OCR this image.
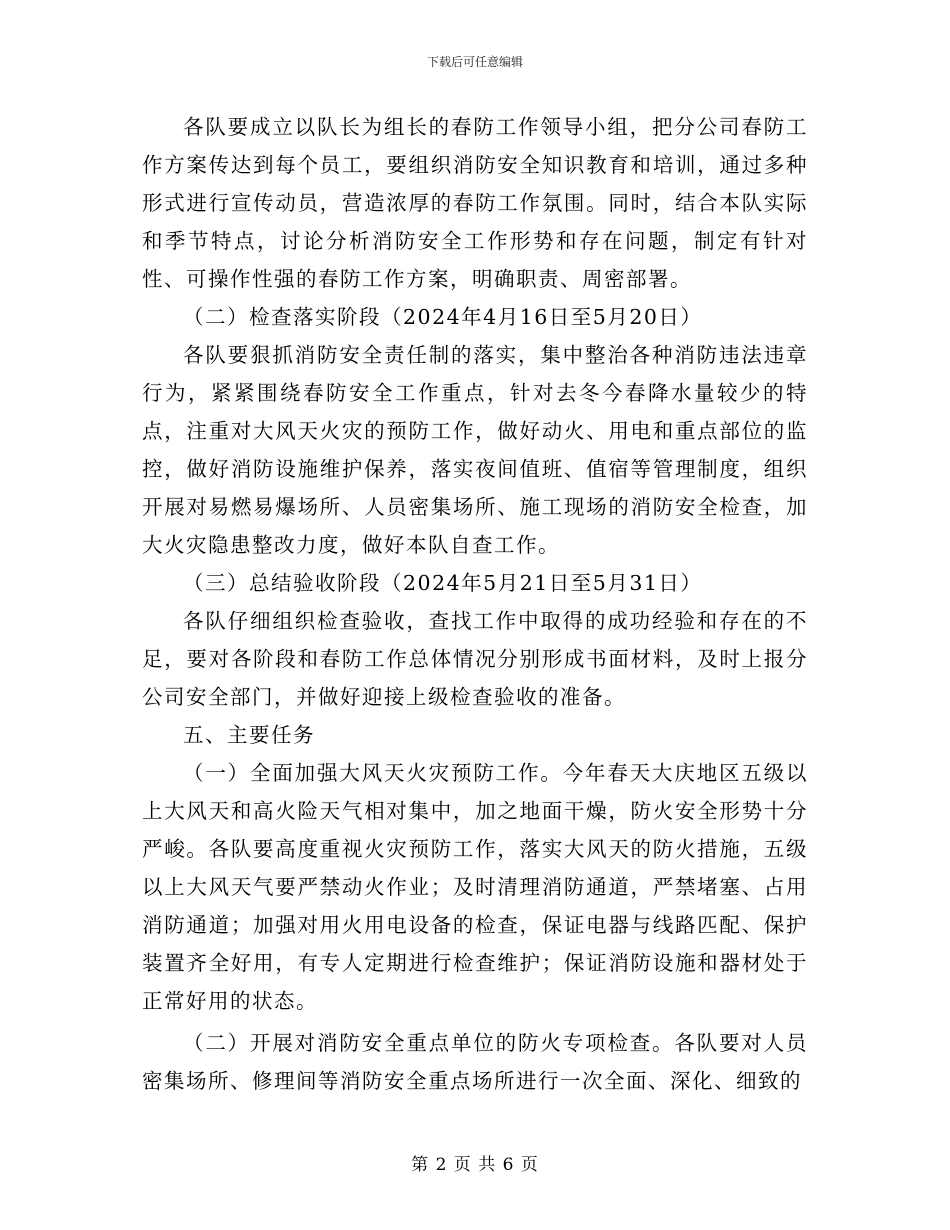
下载后可任意编辑

各队要成立以队长为组长的春防工作领导小组，把分公司春防工作方案传达到每个员工，要组织消防安全知识教育和培训，通过多种形式进行宣传动员，营造浓厚的春防工作氛围。同时，结合本队实际和季节特点，讨论分析消防安全工作形势和存在问题，制定有针对性、可操作性强的春防工作方案，明确职责、周密部署。

（二）检查落实阶段（2024年4月16日至5月20日）

各队要狠抓消防安全责任制的落实，集中整治各种消防违法违章行为，紧紧围绕春防安全工作重点，针对去冬今春降水量较少的特点，注重对大风天火灾的预防工作，做好动火、用电和重点部位的监控，做好消防设施维护保养，落实夜间值班、值宿等管理制度，组织开展对易燃易爆场所、人员密集场所、施工现场的消防安全检查，加大火灾隐患整改力度，做好本队自查工作。

（三）总结验收阶段（2024年5月21日至5月31日）

各队仔细组织检查验收，查找工作中取得的成功经验和存在的不足，要对各阶段和春防工作总体情况分别形成书面材料，及时上报分公司安全部门，并做好迎接上级检查验收的准备。

五、主要任务

（一）全面加强大风天火灾预防工作。今年春天大庆地区五级以上大风天和高火险天气相对集中，加之地面干燥，防火安全形势十分严峻。各队要高度重视火灾预防工作，落实大风天的防火措施，五级以上大风天气要严禁动火作业；及时清理消防通道，严禁堵塞、占用消防通道；加强对用火用电设备的检查，保证电器与线路匹配、保护装置齐全好用，有专人定期进行检查维护；保证消防设施和器材处于正常好用的状态。

（二）开展对消防安全重点单位的防火专项检查。各队要对人员密集场所、修理间等消防安全重点场所进行一次全面、深化、细致的

第 2 页 共 6 页
